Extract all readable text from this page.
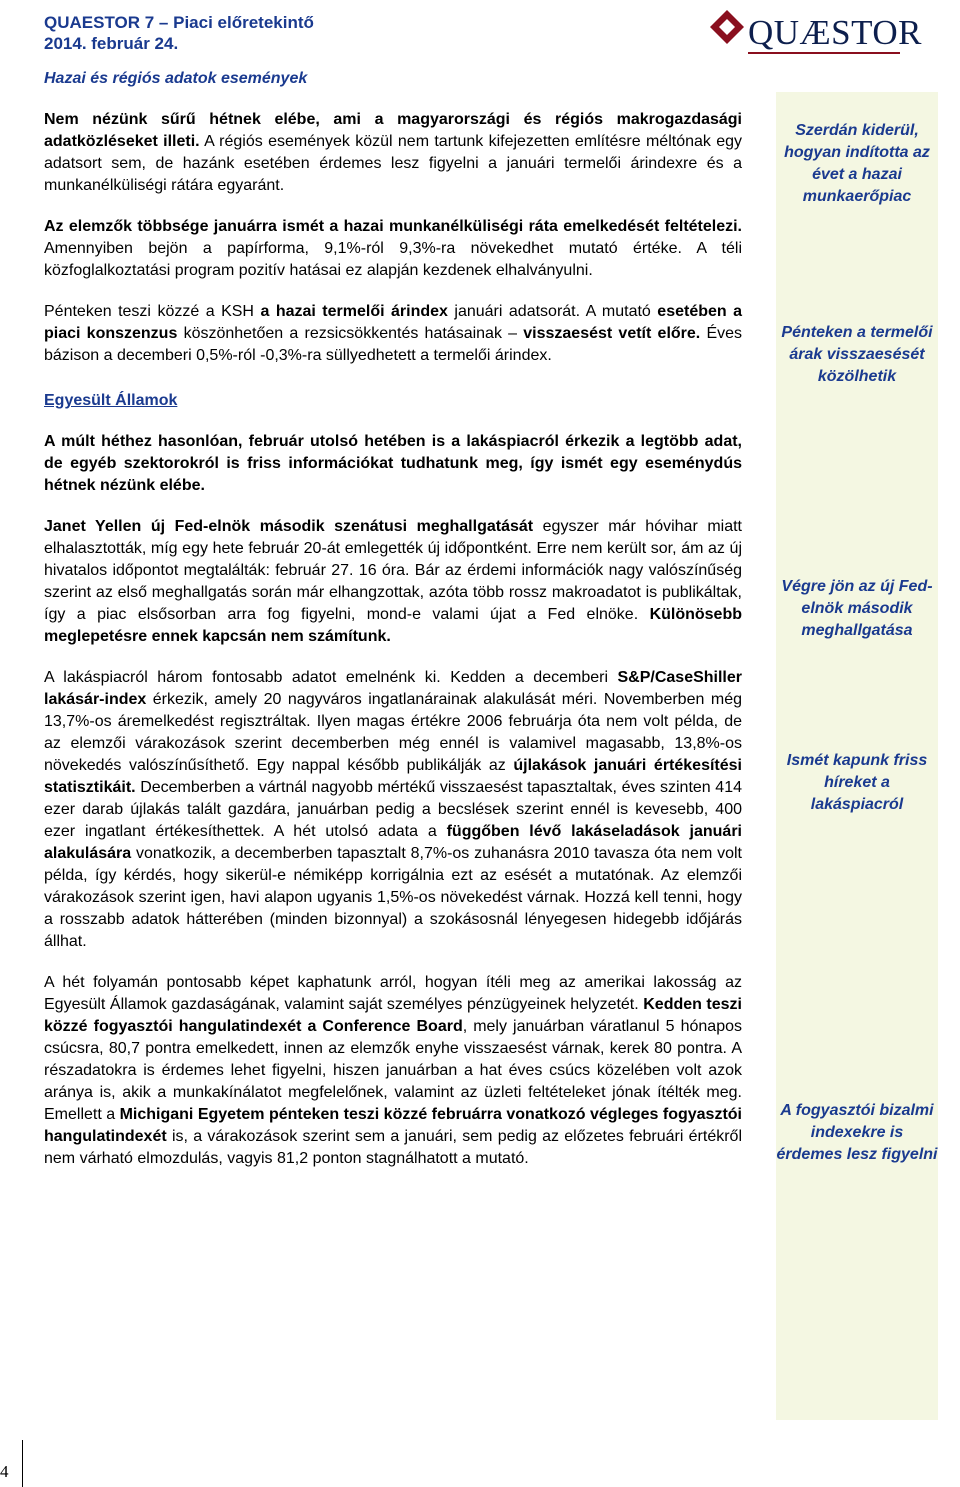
QUAESTOR 7 – Piaci előretekintő
2014. február 24.	QUÆSTOR

Hazai és régiós adatok események

Nem nézünk sűrű hétnek elébe, ami a magyarországi és régiós makrogazdasági adatközléseket illeti. A régiós események közül nem tartunk kifejezetten említésre méltónak egy adatsort sem, de hazánk esetében érdemes lesz figyelni a januári termelői árindexre és a munkanélküliségi rátára egyaránt.

Az elemzők többsége januárra ismét a hazai munkanélküliségi ráta emelkedését feltételezi. Amennyiben bejön a papírforma, 9,1%-ról 9,3%-ra növekedhet mutató értéke. A téli közfoglalkoztatási program pozitív hatásai ez alapján kezdenek elhalványulni.

Pénteken teszi közzé a KSH a hazai termelői árindex januári adatsorát. A mutató esetében a piaci konszenzus köszönhetően a rezsicsökkentés hatásainak – visszaesést vetít előre. Éves bázison a decemberi 0,5%-ról -0,3%-ra süllyedhetett a termelői árindex.

Egyesült Államok

A múlt héthez hasonlóan, február utolsó hetében is a lakáspiacról érkezik a legtöbb adat, de egyéb szektorokról is friss információkat tudhatunk meg, így ismét egy eseménydús hétnek nézünk elébe.

Janet Yellen új Fed-elnök második szenátusi meghallgatását egyszer már hóvihar miatt elhalasztották, míg egy hete február 20-át emlegették új időpontként. Erre nem került sor, ám az új hivatalos időpontot megtalálták: február 27. 16 óra. Bár az érdemi információk nagy valószínűség szerint az első meghallgatás során már elhangzottak, azóta több rossz makroadatot is publikáltak, így a piac elsősorban arra fog figyelni, mond-e valami újat a Fed elnöke. Különösebb meglepetésre ennek kapcsán nem számítunk.

A lakáspiacról három fontosabb adatot emelnénk ki. Kedden a decemberi S&P/CaseShiller lakásár-index érkezik, amely 20 nagyváros ingatlanárainak alakulását méri. Novemberben még 13,7%-os áremelkedést regisztráltak. Ilyen magas értékre 2006 februárja óta nem volt példa, de az elemzői várakozások szerint decemberben még ennél is valamivel magasabb, 13,8%-os növekedés valószínűsíthető. Egy nappal később publikálják az újlakások januári értékesítési statisztikáit. Decemberben a vártnál nagyobb mértékű visszaesést tapasztaltak, éves szinten 414 ezer darab újlakás talált gazdára, januárban pedig a becslések szerint ennél is kevesebb, 400 ezer ingatlant értékesíthettek. A hét utolsó adata a függőben lévő lakáseladások januári alakulására vonatkozik, a decemberben tapasztalt 8,7%-os zuhanásra 2010 tavasza óta nem volt példa, így kérdés, hogy sikerül-e némiképp korrigálnia ezt az esését a mutatónak. Az elemzői várakozások szerint igen, havi alapon ugyanis 1,5%-os növekedést várnak. Hozzá kell tenni, hogy a rosszabb adatok hátterében (minden bizonnyal) a szokásosnál lényegesen hidegebb időjárás állhat.

A hét folyamán pontosabb képet kaphatunk arról, hogyan ítéli meg az amerikai lakosság az Egyesült Államok gazdaságának, valamint saját személyes pénzügyeinek helyzetét. Kedden teszi közzé fogyasztói hangulatindexét a Conference Board, mely januárban váratlanul 5 hónapos csúcsra, 80,7 pontra emelkedett, innen az elemzők enyhe visszaesést várnak, kerek 80 pontra. A részadatokra is érdemes lehet figyelni, hiszen januárban a hat éves csúcs közelében volt azok aránya is, akik a munkakínálatot megfelelőnek, valamint az üzleti feltételeket jónak ítélték meg. Emellett a Michigani Egyetem pénteken teszi közzé februárra vonatkozó végleges fogyasztói hangulatindexét is, a várakozások szerint sem a januári, sem pedig az előzetes februári értékről nem várható elmozdulás, vagyis 81,2 ponton stagnálhatott a mutató.

Szerdán kiderül, hogyan indította az évet a hazai munkaerőpiac
Pénteken a termelői árak visszaesését közölhetik
Végre jön az új Fed-elnök második meghallgatása
Ismét kapunk friss híreket a lakáspiacról
A fogyasztói bizalmi indexekre is érdemes lesz figyelni
4
